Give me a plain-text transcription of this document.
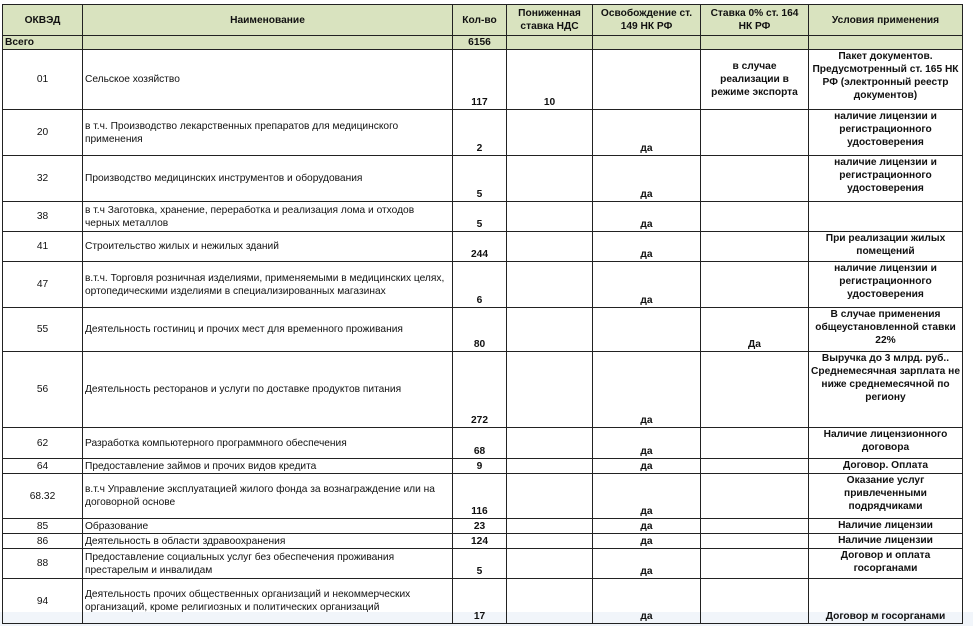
ОКВЭД	Наименование	Кол-во	Пониженная ставка НДС	Освобождение ст. 149 НК РФ	Ставка 0% ст. 164 НК РФ	Условия применения
Всего		6156				
01	Сельское хозяйство	117	10		в случае реализации в режиме экспорта	Пакет документов. Предусмотренный ст. 165 НК РФ (электронный реестр документов)
20	в т.ч. Производство лекарственных препаратов для медицинского применения	2		да		наличие лицензии и регистрационного удостоверения
32	Производство медицинских инструментов и оборудования	5		да		наличие лицензии и регистрационного удостоверения
38	в т.ч Заготовка, хранение, переработка и реализация лома и отходов черных металлов	5		да		
41	Строительство жилых и нежилых зданий	244		да		При реализации жилых помещений
47	в.т.ч. Торговля розничная изделиями, применяемыми в медицинских целях, ортопедическими изделиями в специализированных магазинах	6		да		наличие лицензии и регистрационного удостоверения
55	Деятельность гостиниц и прочих мест для временного проживания	80			Да	В случае применения общеустановленной ставки 22%
56	Деятельность ресторанов и услуги по доставке продуктов питания	272		да		Выручка до 3 млрд. руб.. Среднемесячная зарплата не ниже среднемесячной по региону
62	Разработка компьютерного программного обеспечения	68		да		Наличие лицензионного договора
64	Предоставление займов и прочих видов кредита	9		да		Договор. Оплата
68.32	в.т.ч Управление эксплуатацией жилого фонда за вознаграждение или на договорной основе	116		да		Оказание услуг привлеченными подрядчиками
85	Образование	23		да		Наличие лицензии
86	Деятельность в области здравоохранения	124		да		Наличие лицензии
88	Предоставление социальных услуг без обеспечения проживания престарелым и инвалидам	5		да		Договор и оплата госорганами
94	Деятельность прочих общественных организаций и некоммерческих организаций, кроме религиозных и политических организаций	17		да		Договор м госорганами
